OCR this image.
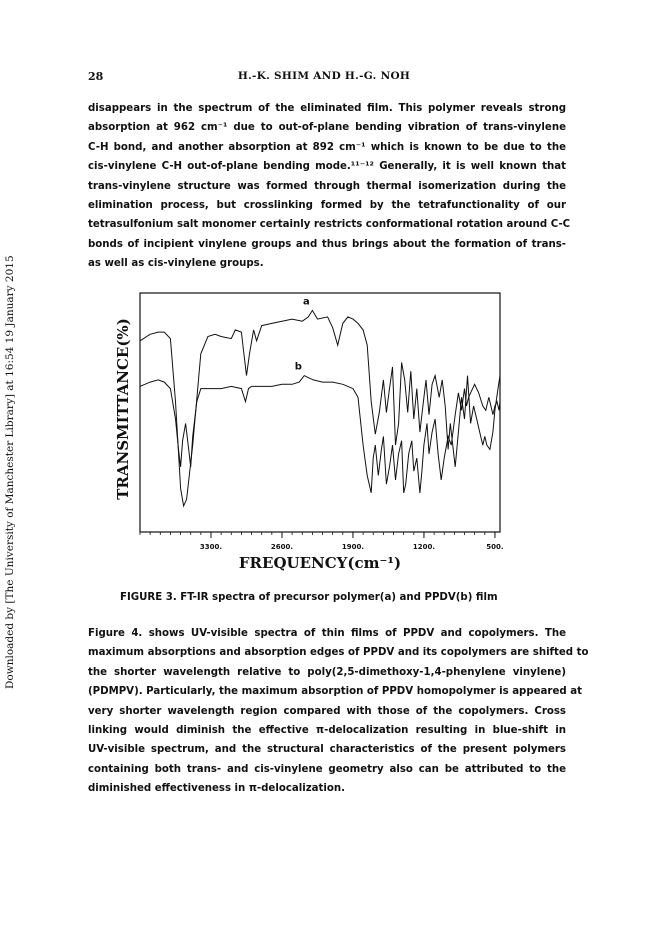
28	H.-K. SHIM AND H.-G. NOH
Downloaded by [The University of Manchester Library] at 16:54 19 January 2015
disappears in the spectrum of the eliminated film. This polymer reveals strong
absorption at 962 cm⁻¹ due to out-of-plane bending vibration of trans-vinylene
C-H bond, and another absorption at 892 cm⁻¹ which is known to be due to the
cis-vinylene C-H out-of-plane bending mode.¹¹⁻¹² Generally, it is well known that
trans-vinylene structure was formed through thermal isomerization during the
elimination process, but crosslinking formed by the tetrafunctionality of our
tetrasulfonium salt monomer certainly restricts conformational rotation around C-C
bonds of incipient vinylene groups and thus brings about the formation of trans-
as well as cis-vinylene groups.
TRANSMITTANCE(%)
FREQUENCY(cm⁻¹)
3300.	2600.	1900.	1200.	500.
a
b
FIGURE 3. FT-IR spectra of precursor polymer(a) and PPDV(b) film
Figure 4. shows UV-visible spectra of thin films of PPDV and copolymers. The
maximum absorptions and absorption edges of PPDV and its copolymers are shifted to
the shorter wavelength relative to poly(2,5-dimethoxy-1,4-phenylene vinylene)
(PDMPV). Particularly, the maximum absorption of PPDV homopolymer is appeared at
very shorter wavelength region compared with those of the copolymers. Cross
linking would diminish the effective π-delocalization resulting in blue-shift in
UV-visible spectrum, and the structural characteristics of the present polymers
containing both trans- and cis-vinylene geometry also can be attributed to the
diminished effectiveness in π-delocalization.
